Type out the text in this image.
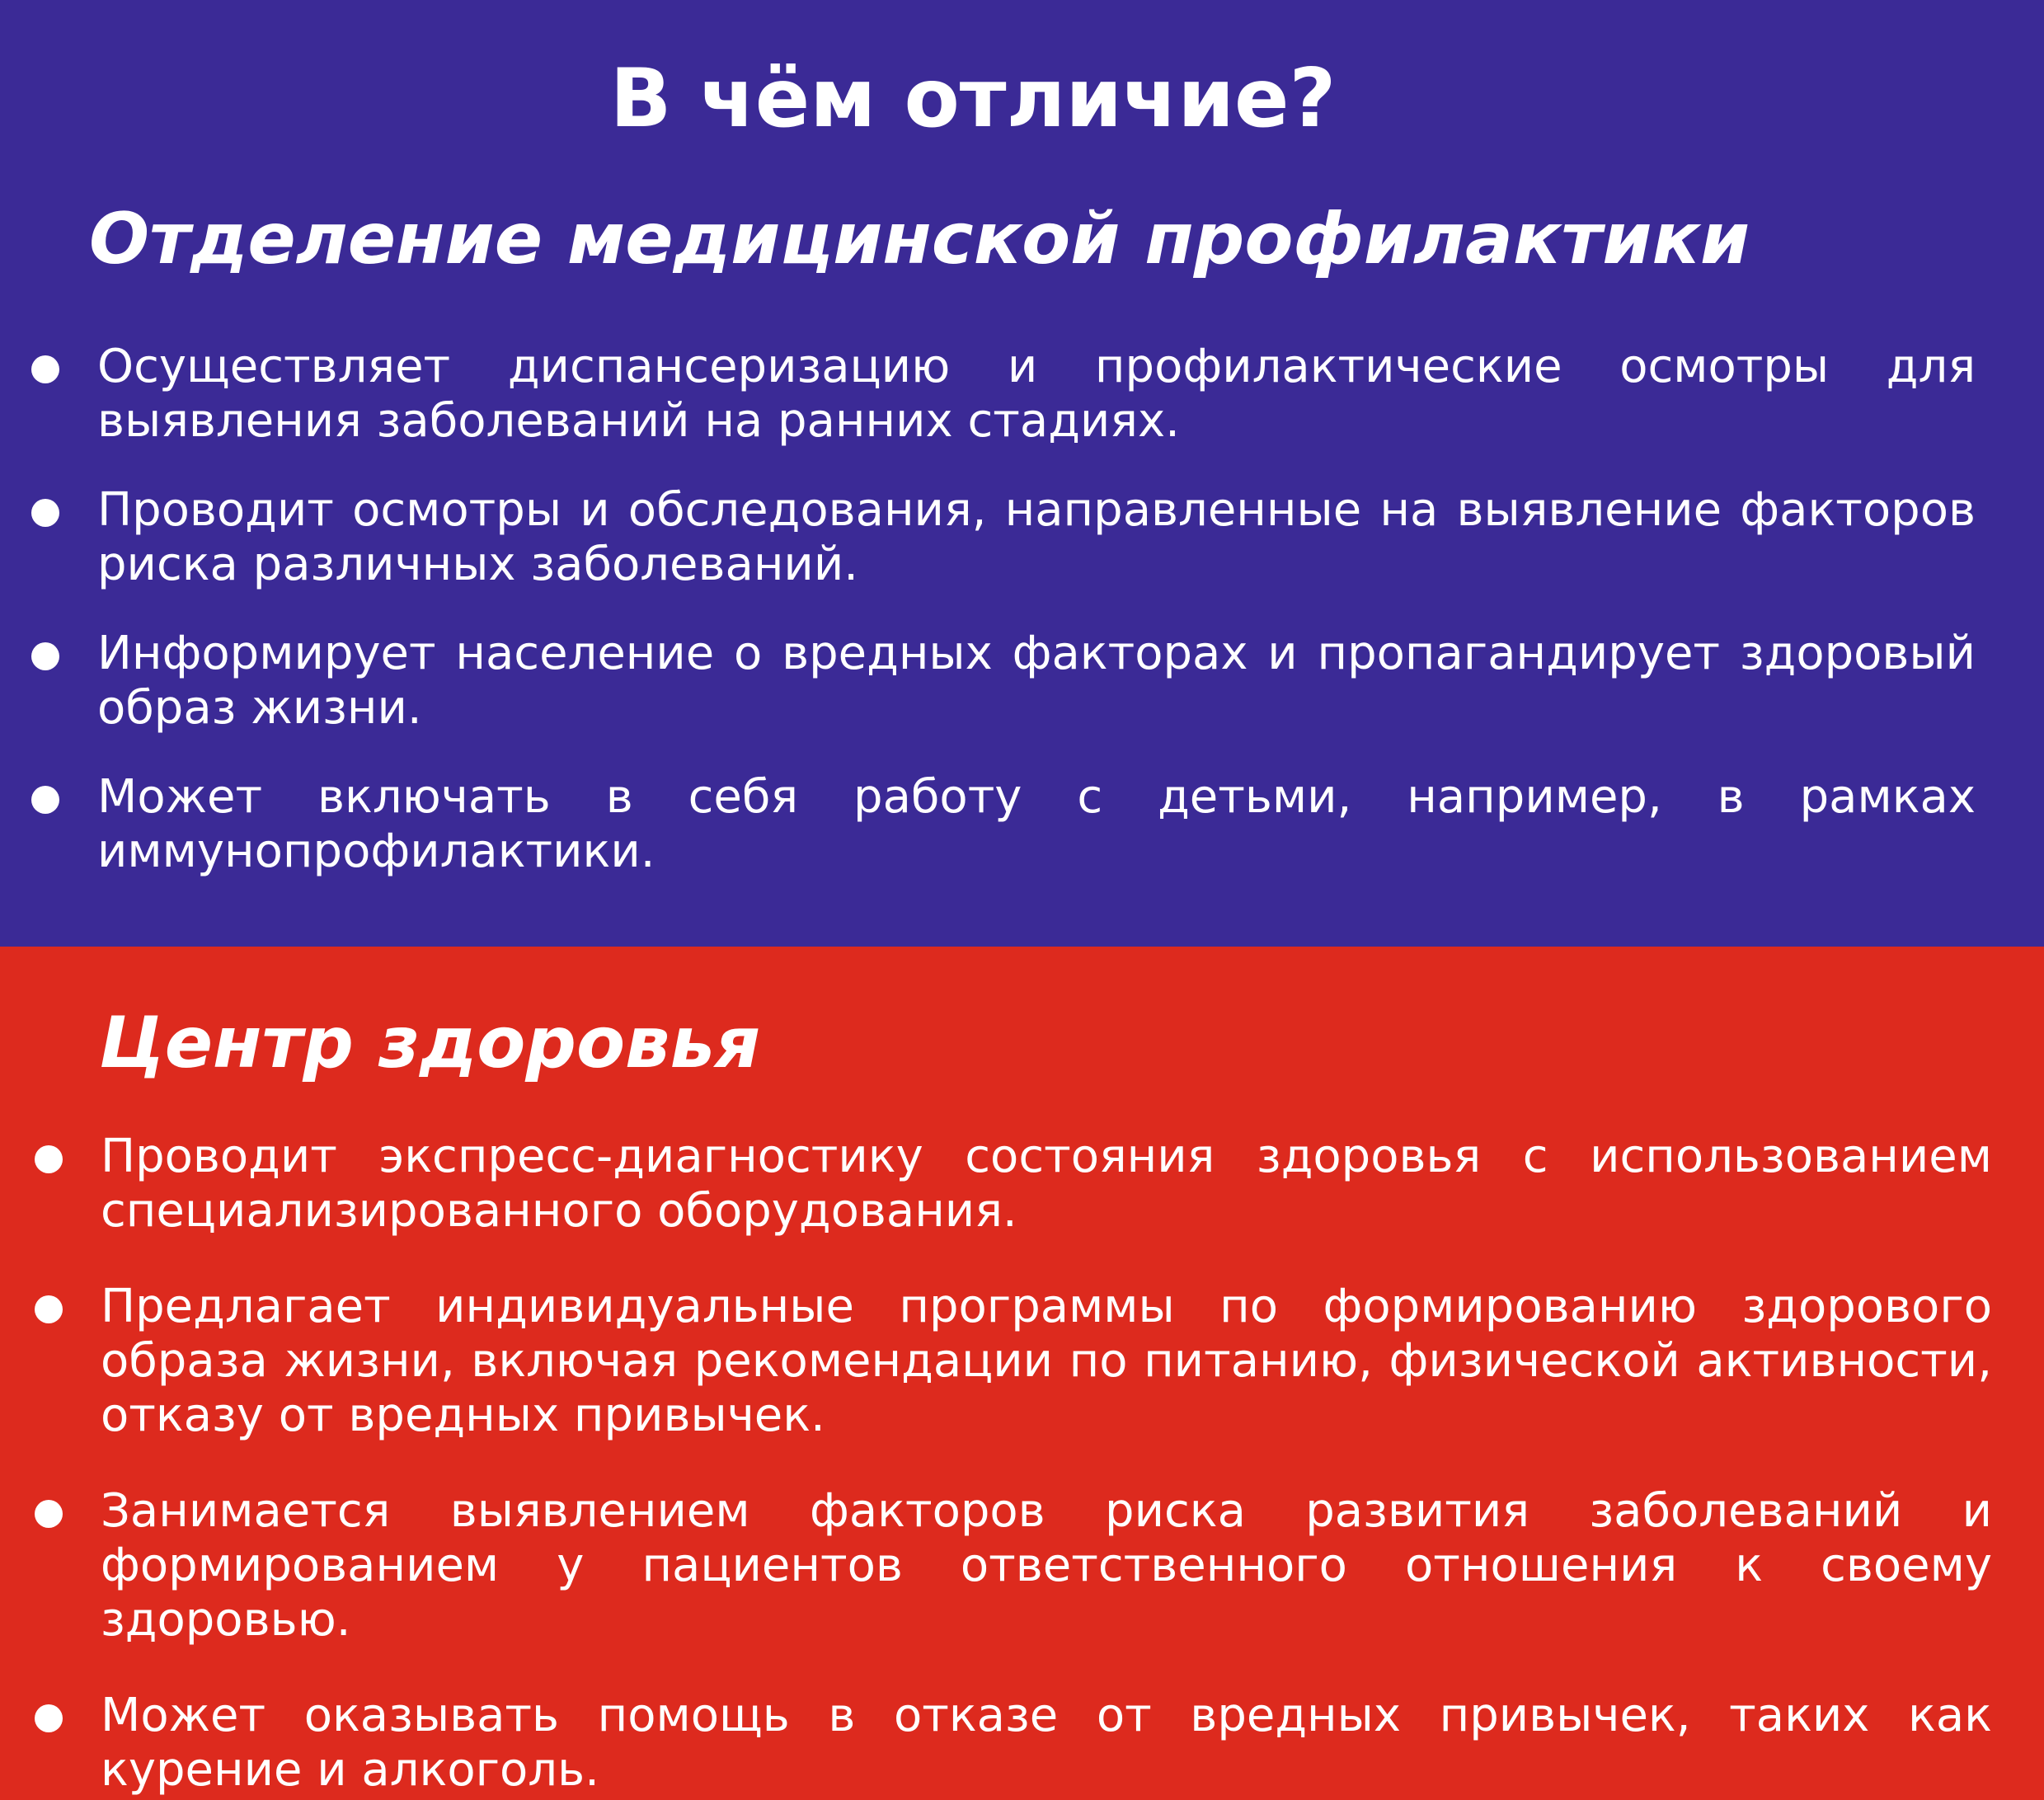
В чём отличие?
Отделение медицинской профилактики
Осуществляет диспансеризацию и профилактические осмотры для выявления заболеваний на ранних стадиях.
Проводит осмотры и обследования, направленные на выявление факторов риска различных заболеваний.
Информирует население о вредных факторах и пропагандирует здоровый образ жизни.
Может включать в себя работу с детьми, например, в рамках иммунопрофилактики.
Центр здоровья
Проводит экспресс-диагностику состояния здоровья с использованием специализированного оборудования.
Предлагает индивидуальные программы по формированию здорового образа жизни, включая рекомендации по питанию, физической активности, отказу от вредных привычек.
Занимается выявлением факторов риска развития заболеваний и формированием у пациентов ответственного отношения к своему здоровью.
Может оказывать помощь в отказе от вредных привычек, таких как курение и алкоголь.
